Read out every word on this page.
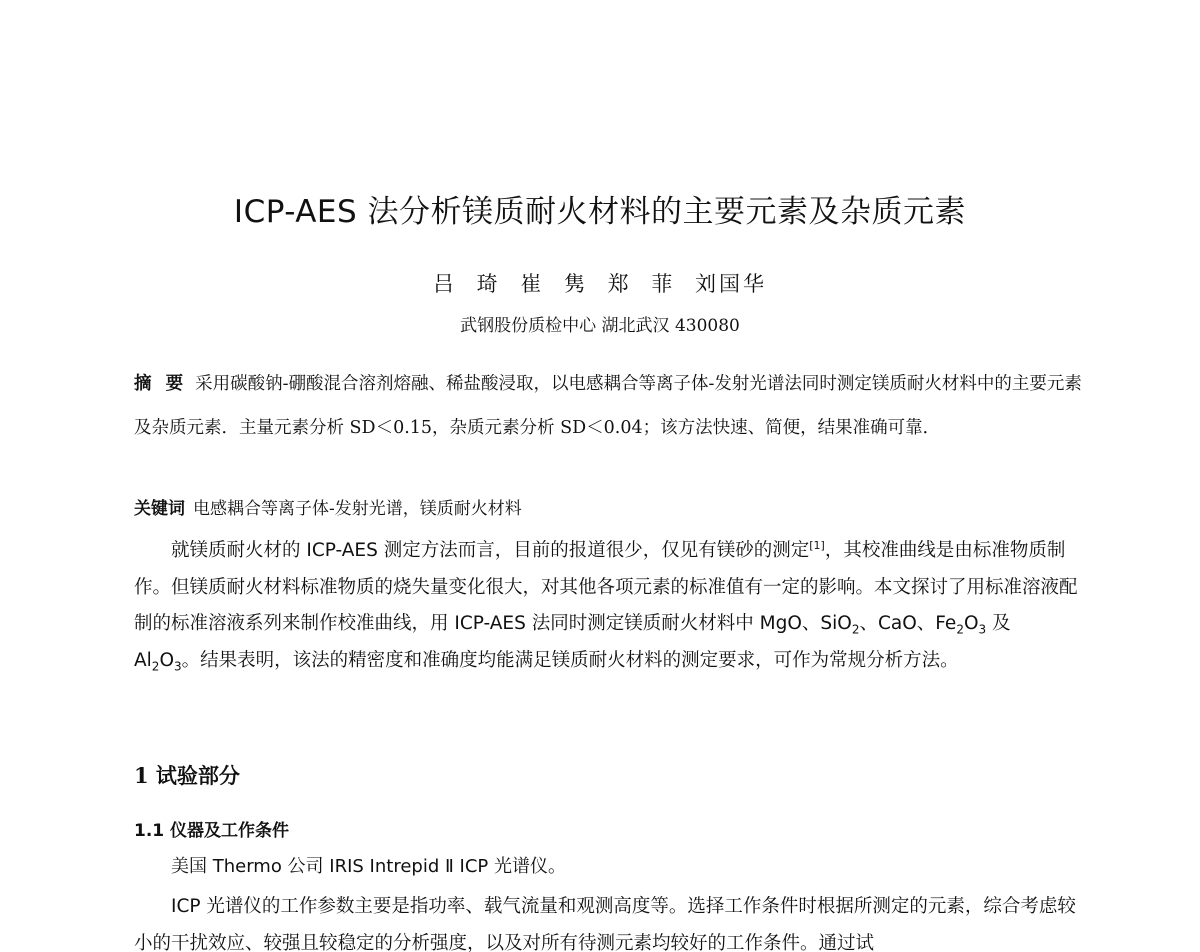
ICP-AES 法分析镁质耐火材料的主要元素及杂质元素

吕 琦 崔 隽 郑 菲 刘国华

武钢股份质检中心 湖北武汉 430080

摘 要 采用碳酸钠-硼酸混合溶剂熔融、稀盐酸浸取，以电感耦合等离子体-发射光谱法同时测定镁质耐火材料中的主要元素及杂质元素．主量元素分析 SD＜0.15，杂质元素分析 SD＜0.04；该方法快速、简便，结果准确可靠．

关键词 电感耦合等离子体-发射光谱，镁质耐火材料

就镁质耐火材的 ICP-AES 测定方法而言，目前的报道很少，仅见有镁砂的测定[1]，其校准曲线是由标准物质制作。但镁质耐火材料标准物质的烧失量变化很大，对其他各项元素的标准值有一定的影响。本文探讨了用标准溶液配制的标准溶液系列来制作校准曲线，用 ICP-AES 法同时测定镁质耐火材料中 MgO、SiO$_2$、CaO、$Fe_2O_3$ 及 $Al_2O_3$。结果表明，该法的精密度和准确度均能满足镁质耐火材料的测定要求，可作为常规分析方法。

1 试验部分
1.1 仪器及工作条件

美国 Thermo 公司 IRIS Intrepid Ⅱ ICP 光谱仪。

ICP 光谱仪的工作参数主要是指功率、载气流量和观测高度等。选择工作条件时根据所测定的元素，综合考虑较小的干扰效应、较强且较稳定的分析强度，以及对所有待测元素均较好的工作条件。通过试
